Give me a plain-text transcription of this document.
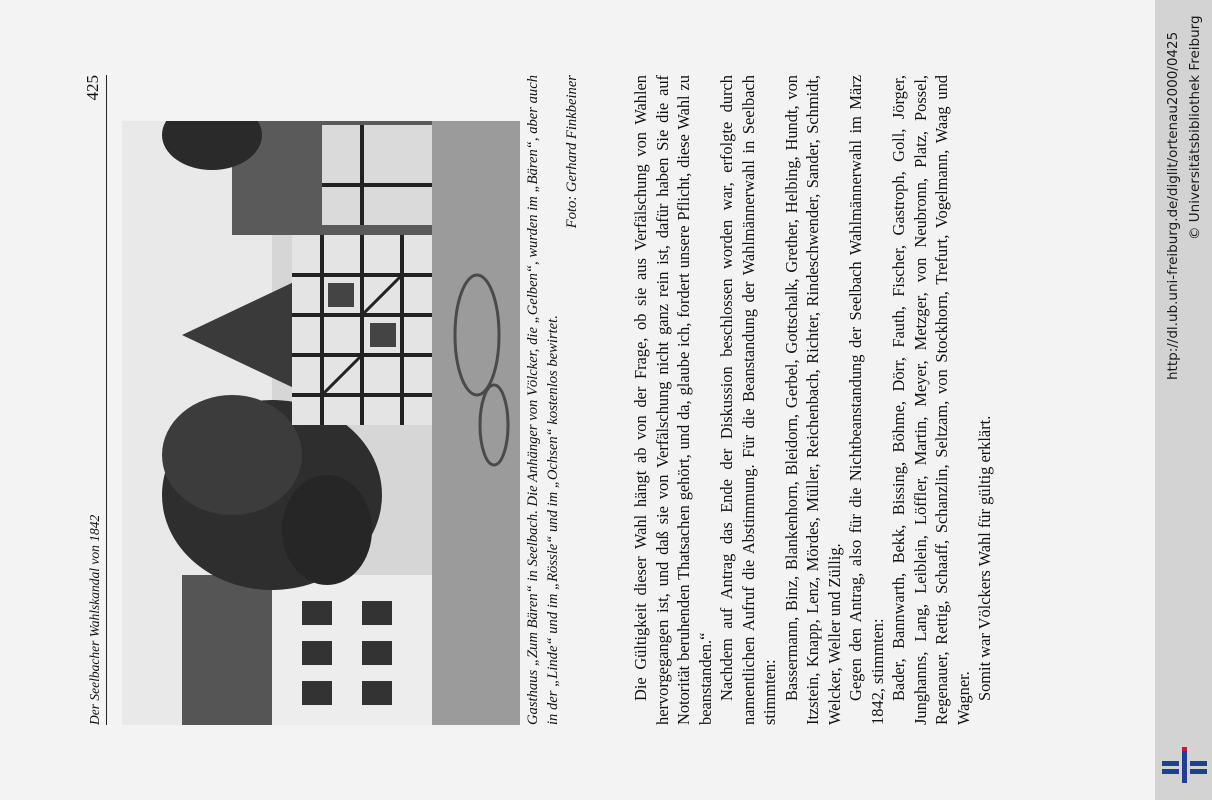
Der Seelbacher Wahlskandal von 1842
425	Gasthaus „Zum Bären“ in Seelbach. Die Anhänger von Völcker, die „Gelben“, wurden im „Bären“, aber auch in der „Linde“ und im „Rössle“ und im „Ochsen“ kostenlos bewirtet.
Foto: Gerhard Finkbeiner	Die Gültigkeit dieser Wahl hängt ab von der Frage, ob sie aus Verfälschung von Wahlen hervorgegangen ist, und daß sie von Verfälschung nicht ganz rein ist, dafür haben Sie die auf Notorität beruhenden Thatsachen gehört, und da, glaube ich, fordert unsere Pflicht, diese Wahl zu beanstanden.“ Nachdem auf Antrag das Ende der Diskussion beschlossen worden war, erfolgte durch namentlichen Aufruf die Abstimmung. Für die Beanstandung der Wahlmännerwahl in Seelbach stimmten: Bassermann, Binz, Blankenhorn, Bleidorn, Gerbel, Gottschalk, Grether, Helbing, Hundt, von Itzstein, Knapp, Lenz, Mördes, Müller, Reichenbach, Richter, Rindeschwender, Sander, Schmidt, Welcker, Weller und Züllig. Gegen den Antrag, also für die Nichtbeanstandung der Seelbach Wahlmännerwahl im März 1842, stimmten: Bader, Bannwarth, Bekk, Bissing, Böhme, Dörr, Fauth, Fischer, Gastroph, Goll, Jörger, Junghanns, Lang, Leiblein, Löffler, Martin, Meyer, Metzger, von Neubronn, Platz, Possel, Regenauer, Rettig, Schaaff, Schanzlin, Seltzam, von Stockhorn, Trefurt, Vogelmann, Waag und Wagner. Somit war Völckers Wahl für gültig erklärt.

http://dl.ub.uni-freiburg.de/diglit/ortenau2000/0425 © Universitätsbibliothek Freiburg
